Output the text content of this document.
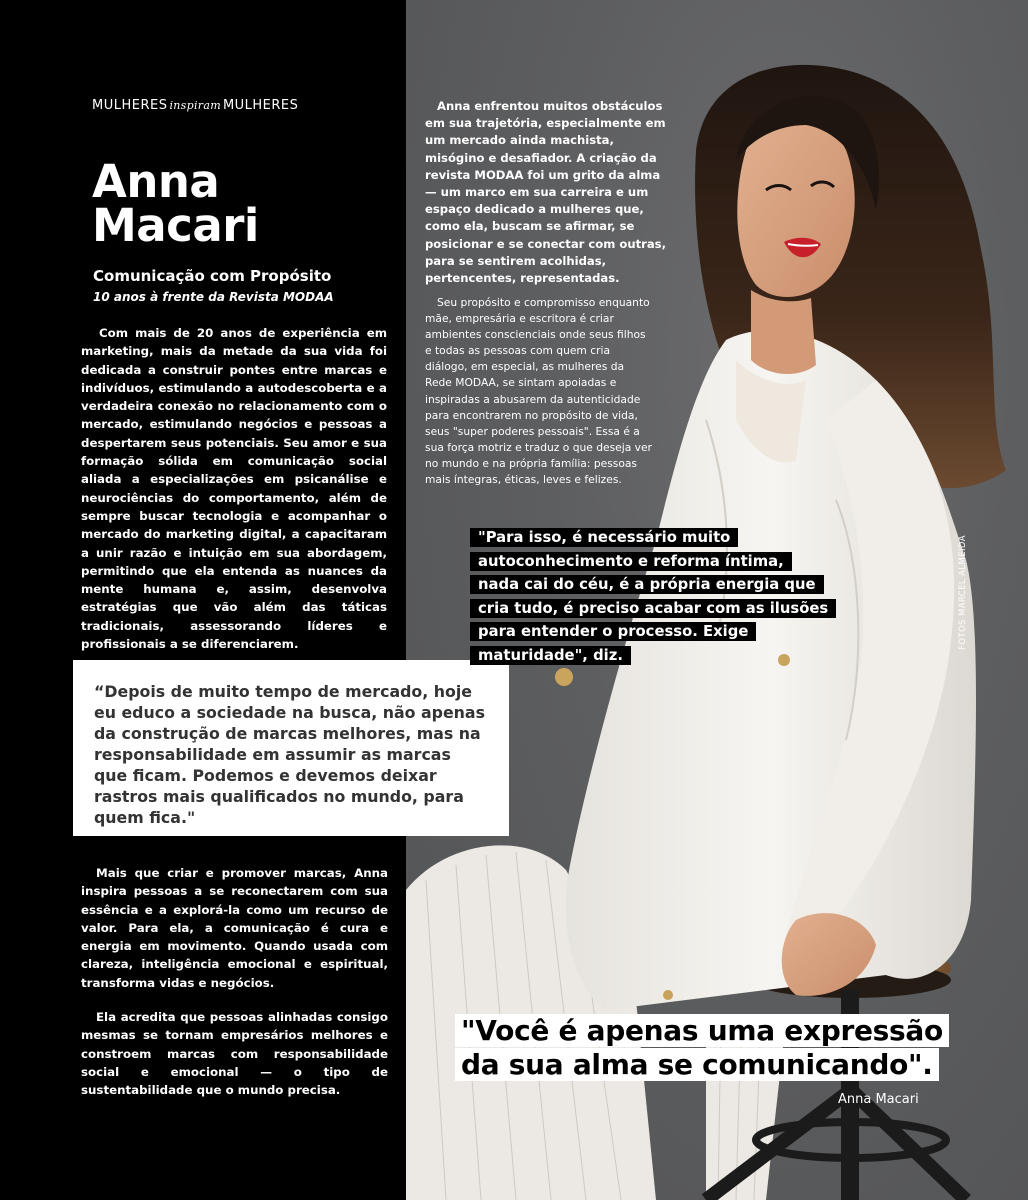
MULHERES inspiram MULHERES
Anna
Macari
Comunicação com Propósito
10 anos à frente da Revista MODAA

Com mais de 20 anos de experiência em marketing, mais da metade da sua vida foi dedicada a construir pontes entre marcas e indivíduos, estimulando a autodescoberta e a verdadeira conexão no relacionamento com o mercado, estimulando negócios e pessoas a despertarem seus potenciais. Seu amor e sua formação sólida em comunicação social aliada a especializações em psicanálise e neurociências do comportamento, além de sempre buscar tecnologia e acompanhar o mercado do marketing digital, a capacitaram a unir razão e intuição em sua abordagem, permitindo que ela entenda as nuances da mente humana e, assim, desenvolva estratégias que vão além das táticas tradicionais, assessorando líderes e profissionais a se diferenciarem.

“Depois de muito tempo de mercado, hoje eu educo a sociedade na busca, não apenas da construção de marcas melhores, mas na responsabilidade em assumir as marcas que ficam. Podemos e devemos deixar rastros mais qualificados no mundo, para quem fica."

Mais que criar e promover marcas, Anna inspira pessoas a se reconectarem com sua essência e a explorá-la como um recurso de valor. Para ela, a comunicação é cura e energia em movimento. Quando usada com clareza, inteligência emocional e espiritual, transforma vidas e negócios.

Ela acredita que pessoas alinhadas consigo mesmas se tornam empresários melhores e constroem marcas com responsabilidade social e emocional — o tipo de sustentabilidade que o mundo precisa.

Anna enfrentou muitos obstáculos em sua trajetória, especialmente em um mercado ainda machista, misógino e desafiador. A criação da revista MODAA foi um grito da alma — um marco em sua carreira e um espaço dedicado a mulheres que, como ela, buscam se afirmar, se posicionar e se conectar com outras, para se sentirem acolhidas, pertencentes, representadas.

Seu propósito e compromisso enquanto mãe, empresária e escritora é criar ambientes conscienciais onde seus filhos e todas as pessoas com quem cria diálogo, em especial, as mulheres da Rede MODAA, se sintam apoiadas e inspiradas a abusarem da autenticidade para encontrarem no propósito de vida, seus "super poderes pessoais". Essa é a sua força motriz e traduz o que deseja ver no mundo e na própria família: pessoas mais íntegras, éticas, leves e felizes.

"Para isso, é necessário muito autoconhecimento e reforma íntima, nada cai do céu, é a própria energia que cria tudo, é preciso acabar com as ilusões para entender o processo. Exige maturidade", diz.

"Você é apenas uma expressão da sua alma se comunicando".

Anna Macari
FOTOS MARCEL ALMEIDA
